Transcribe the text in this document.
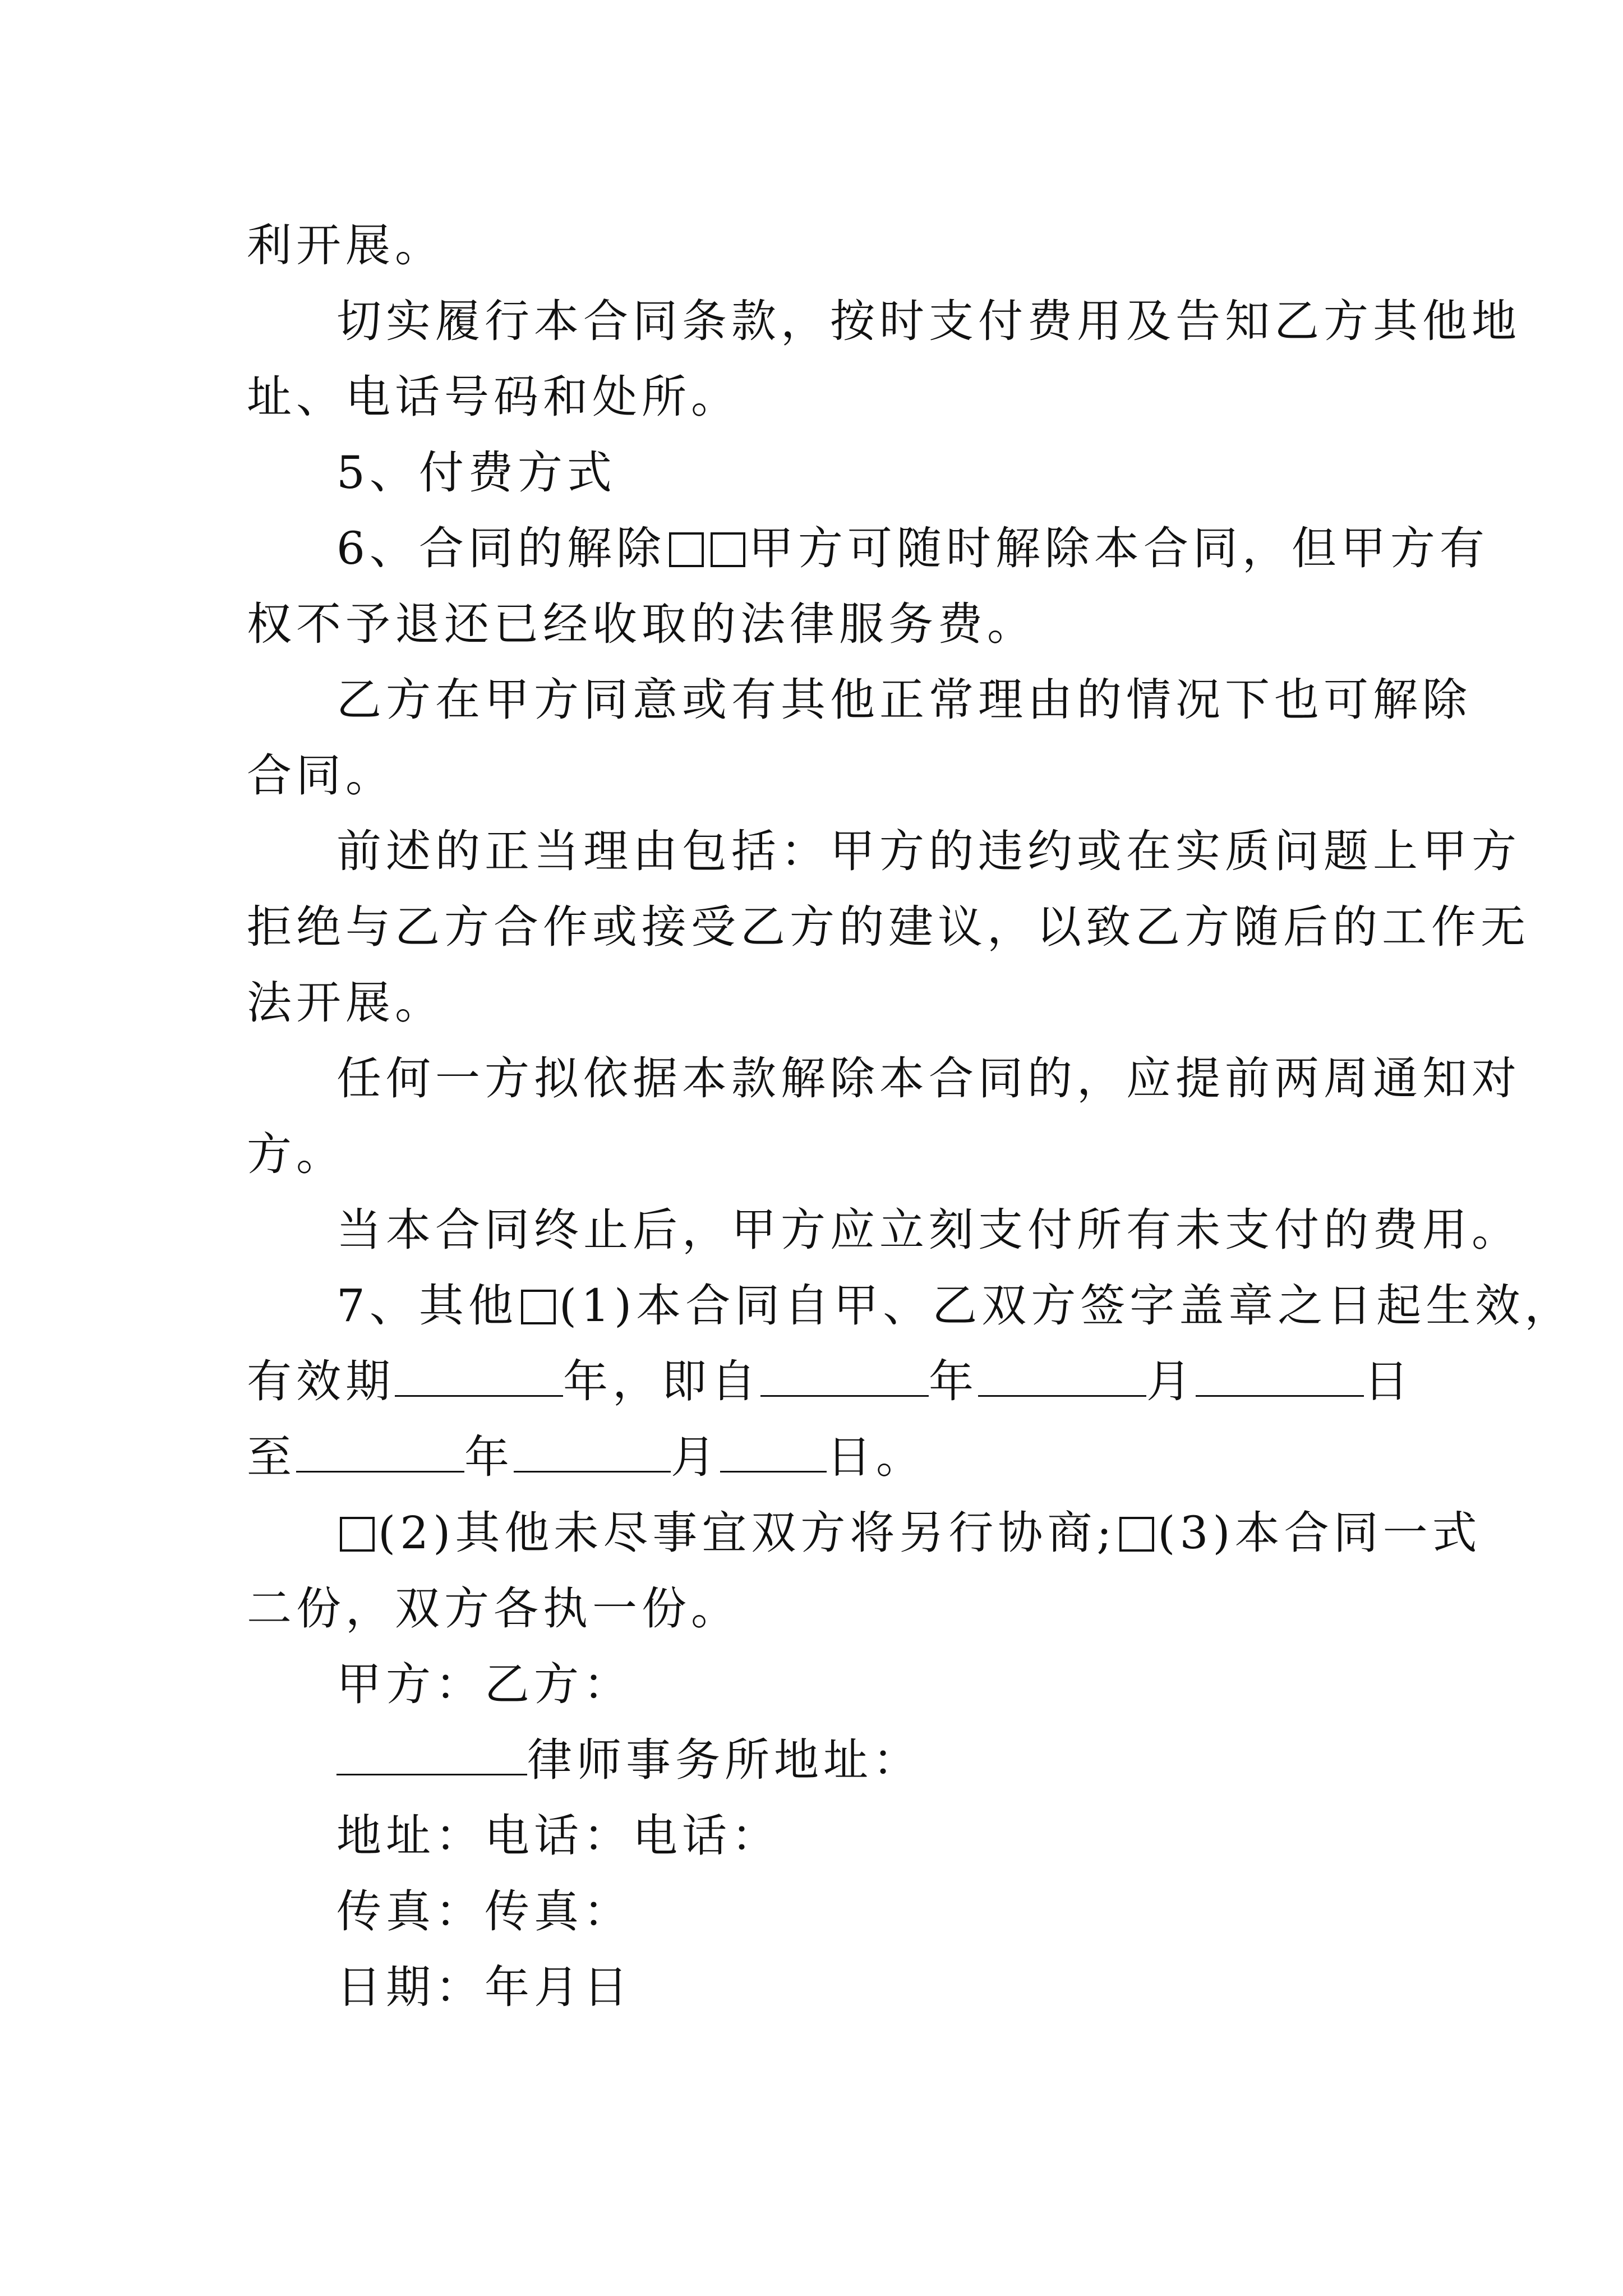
利开展。
切实履行本合同条款，按时支付费用及告知乙方其他地
址、电话号码和处所。
5、付费方式
6、合同的解除 甲方可随时解除本合同，但甲方有
权不予退还已经收取的法律服务费。
乙方在甲方同意或有其他正常理由的情况下也可解除
合同。
前述的正当理由包括：甲方的违约或在实质问题上甲方
拒绝与乙方合作或接受乙方的建议，以致乙方随后的工作无
法开展。
任何一方拟依据本款解除本合同的，应提前两周通知对
方。
当本合同终止后，甲方应立刻支付所有未支付的费用。
7、其他 (1)本合同自甲、乙双方签字盖章之日起生效，
有效期	年，即自	年	月	日
至	年	月 日。
(2)其他未尽事宜双方将另行协商; (3)本合同一式
二份，双方各执一份。
甲方：乙方：
律师事务所地址：
地址：电话：电话：
传真：传真：
日期：年月日
